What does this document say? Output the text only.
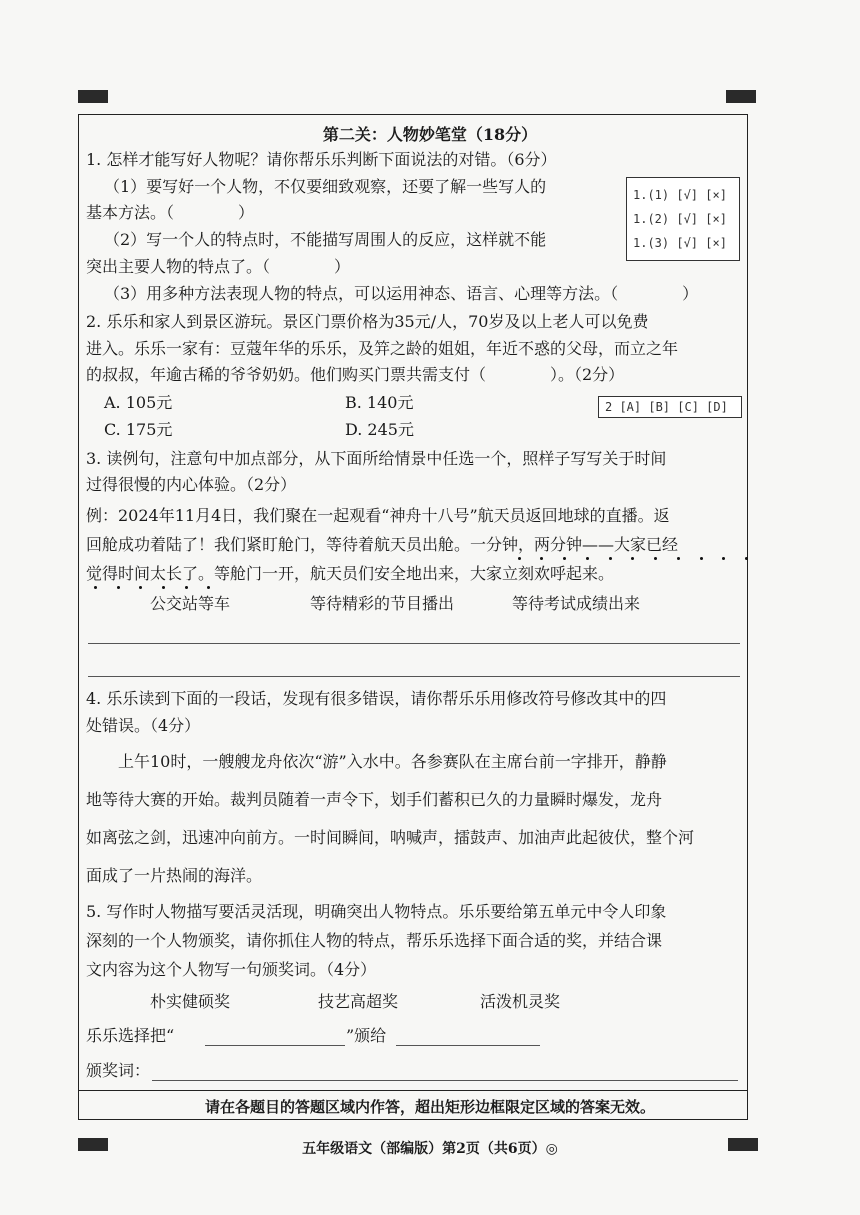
第二关：人物妙笔堂（18分）
1. 怎样才能写好人物呢？请你帮乐乐判断下面说法的对错。（6分）
（1）要写好一个人物，不仅要细致观察，还要了解一些写人的
基本方法。（　　　　）
（2）写一个人的特点时，不能描写周围人的反应，这样就不能
突出主要人物的特点了。（　　　　）
（3）用多种方法表现人物的特点，可以运用神态、语言、心理等方法。（　　　　）
1.(1) [√] [×]
1.(2) [√] [×]
1.(3) [√] [×]
2. 乐乐和家人到景区游玩。景区门票价格为35元/人，70岁及以上老人可以免费
进入。乐乐一家有：豆蔻年华的乐乐，及笄之龄的姐姐，年近不惑的父母，而立之年
的叔叔，年逾古稀的爷爷奶奶。他们购买门票共需支付（　　　　）。（2分）
A. 105元	B. 140元
C. 175元	D. 245元
2 [A] [B] [C] [D]
3. 读例句，注意句中加点部分，从下面所给情景中任选一个，照样子写写关于时间
过得很慢的内心体验。（2分）
例：2024年11月4日，我们聚在一起观看“神舟十八号”航天员返回地球的直播。返
回舱成功着陆了！我们紧盯舱门，等待着航天员出舱。一分钟，两分钟——大家已经
觉得时间太长了。等舱门一开，航天员们安全地出来，大家立刻欢呼起来。
公交站等车	等待精彩的节目播出	等待考试成绩出来
4. 乐乐读到下面的一段话，发现有很多错误，请你帮乐乐用修改符号修改其中的四
处错误。（4分）
上午10时，一艘艘龙舟依次“游”入水中。各参赛队在主席台前一字排开，静静
地等待大赛的开始。裁判员随着一声令下，划手们蓄积已久的力量瞬时爆发，龙舟
如离弦之剑，迅速冲向前方。一时间瞬间，呐喊声，擂鼓声、加油声此起彼伏，整个河
面成了一片热闹的海洋。
5. 写作时人物描写要活灵活现，明确突出人物特点。乐乐要给第五单元中令人印象
深刻的一个人物颁奖，请你抓住人物的特点，帮乐乐选择下面合适的奖，并结合课
文内容为这个人物写一句颁奖词。（4分）
朴实健硕奖	技艺高超奖	活泼机灵奖
乐乐选择把“	”颁给
颁奖词：
请在各题目的答题区域内作答，超出矩形边框限定区域的答案无效。
五年级语文（部编版）第2页（共6页）◎
